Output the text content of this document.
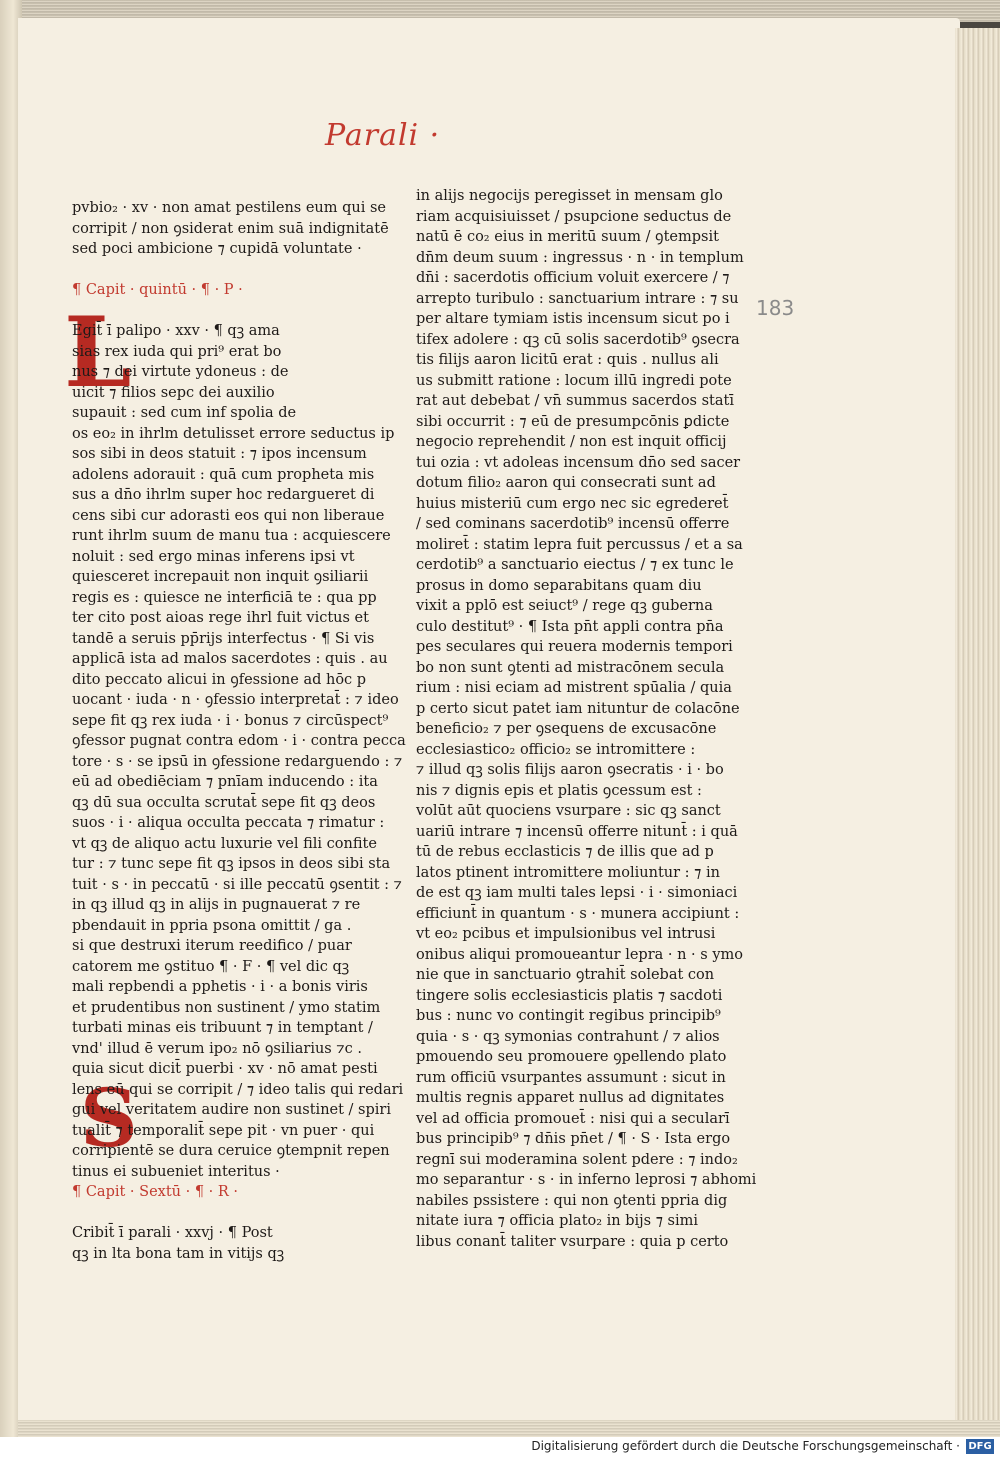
Parali ·
183
L
S
pvbio₂ · xv · non amat pestilens eum qui se
corripit / non ꝯsiderat enim suā indignitatē
sed poci ambicione ⁊ cupidā voluntate ·
¶ Capit · quintū · ¶ · P ·
Egit̄ ī palipo · xxv · ¶ qꝫ ama
sias rex iuda qui pri⁹ erat bo
nus ⁊ dei virtute ydoneus : de
uicit ⁊ filios sepc dei auxilio
supauit : sed cum inf spolia de
os eo₂ in ihrlm detulisset errore seductus ip
sos sibi in deos statuit : ⁊ ipos incensum
adolens adorauit : quā cum propheta mis
sus a dn̄o ihrlm super hoc redargueret di
cens sibi cur adorasti eos qui non liberaue
runt ihrlm suum de manu tua : acquiescere
noluit : sed ergo minas inferens ipsi vt
quiesceret increpauit non inquit ꝯsiliarii
regis es : quiesce ne interficiā te : qua pp
ter cito post aioas rege ihrl fuit victus et
tandē a seruis pp̄rijs interfectus · ¶ Si vis
applicā ista ad malos sacerdotes : quis . au
dito peccato alicui in ꝯfessione ad hōc p
uocant · iuda · n · ꝯfessio interpretat̄ : ⁊ ideo
sepe fit qꝫ rex iuda · i · bonus ⁊ circūspect⁹
ꝯfessor pugnat contra edom · i · contra pecca
tore · s · se ipsū in ꝯfessione redarguendo : ⁊
eū ad obediēciam ⁊ pnīam inducendo : ita
qꝫ dū sua occulta scrutat̄ sepe fit qꝫ deos
suos · i · aliqua occulta peccata ⁊ rimatur :
vt qꝫ de aliquo actu luxurie vel fili confite
tur : ⁊ tunc sepe fit qꝫ ipsos in deos sibi sta
tuit · s · in peccatū · si ille peccatū ꝯsentit : ⁊
in qꝫ illud qꝫ in alijs in pugnauerat ⁊ re
pbendauit in ppria psona omittit / ga .
si que destruxi iterum reedifico / puar
catorem me ꝯstituo ¶ · F · ¶ vel dic qꝫ
mali repbendi a pphetis · i · a bonis viris
et prudentibus non sustinent / ymo statim
turbati minas eis tribuunt ⁊ in temptant /
vnd' illud ē verum ipo₂ nō ꝯsiliarius ⁊c .
quia sicut dicit̄ puerbi · xv · nō amat pesti
lens eū qui se corripit / ⁊ ideo talis qui redari
gui vel veritatem audire non sustinet / spiri
tualit̄ ⁊ temporalit̄ sepe pit · vn puer · qui
corripientē se dura ceruice ꝯtempnit repen
tinus ei subueniet interitus ·
¶ Capit · Sextū · ¶ · R ·
Cribit̄ ī parali · xxvj · ¶ Post
qꝫ in lta bona tam in vitijs qꝫ
in alijs negocijs peregisset in mensam glo
riam acquisiuisset / psupcione seductus de
natū ē co₂ eius in meritū suum / ꝯtempsit
dn̄m deum suum : ingressus · n · in templum
dn̄i : sacerdotis officium voluit exercere / ⁊
arrepto turibulo : sanctuarium intrare : ⁊ su
per altare tymiam istis incensum sicut po i
tifex adolere : qꝫ cū solis sacerdotib⁹ ꝯsecra
tis filijs aaron licitū erat : quis . nullus ali
us submitt ratione : locum illū ingredi pote
rat aut debebat / vn̄ summus sacerdos statī
sibi occurrit : ⁊ eū de presumpcōnis ꝑdicte
negocio reprehendit / non est inquit officij
tui ozia : vt adoleas incensum dn̄o sed sacer
dotum filio₂ aaron qui consecrati sunt ad
huius misteriū cum ergo nec sic egrederet̄
/ sed cominans sacerdotib⁹ incensū offerre
moliret̄ : statim lepra fuit percussus / et a sa
cerdotib⁹ a sanctuario eiectus / ⁊ ex tunc le
prosus in domo separabitans quam diu
vixit a pplō est seiuct⁹ / rege qꝫ guberna
culo destitut⁹ · ¶ Ista pn̄t appli contra pn̄a
pes seculares qui reuera modernis tempori
bo non sunt ꝯtenti ad mistracōnem secula
rium : nisi eciam ad mistrent spūalia / quia
p certo sicut patet iam nituntur de colacōne
beneficio₂ ⁊ per ꝯsequens de excusacōne
ecclesiastico₂ officio₂ se intromittere :
⁊ illud qꝫ solis filijs aaron ꝯsecratis · i · bo
nis ⁊ dignis epis et platis ꝯcessum est :
volūt aūt quociens vsurpare : sic qꝫ sanct
uariū intrare ⁊ incensū offerre nitunt̄ : i quā
tū de rebus ecclasticis ⁊ de illis que ad p
latos ptinent intromittere moliuntur : ⁊ in
de est qꝫ iam multi tales lepsi · i · simoniaci
efficiunt̄ in quantum · s · munera accipiunt :
vt eo₂ pcibus et impulsionibus vel intrusi
onibus aliqui promoueantur lepra · n · s ymo
nie que in sanctuario ꝯtrahit̄ solebat con
tingere solis ecclesiasticis platis ⁊ sacdoti
bus : nunc vo contingit regibus principib⁹
quia · s · qꝫ symonias contrahunt / ⁊ alios
pmouendo seu promouere ꝯpellendo plato
rum officiū vsurpantes assumunt : sicut in
multis regnis apparet nullus ad dignitates
vel ad officia promouet̄ : nisi qui a secularī
bus principib⁹ ⁊ dn̄is pn̄et / ¶ · S · Ista ergo
regnī sui moderamina solent pdere : ⁊ indo₂
mo separantur · s · in inferno leprosi ⁊ abhomi
nabiles pssistere : qui non ꝯtenti ppria dig
nitate iura ⁊ officia plato₂ in bijs ⁊ simi
libus conant̄ taliter vsurpare : quia p certo
Digitalisierung gefördert durch die Deutsche Forschungsgemeinschaft · DFG
